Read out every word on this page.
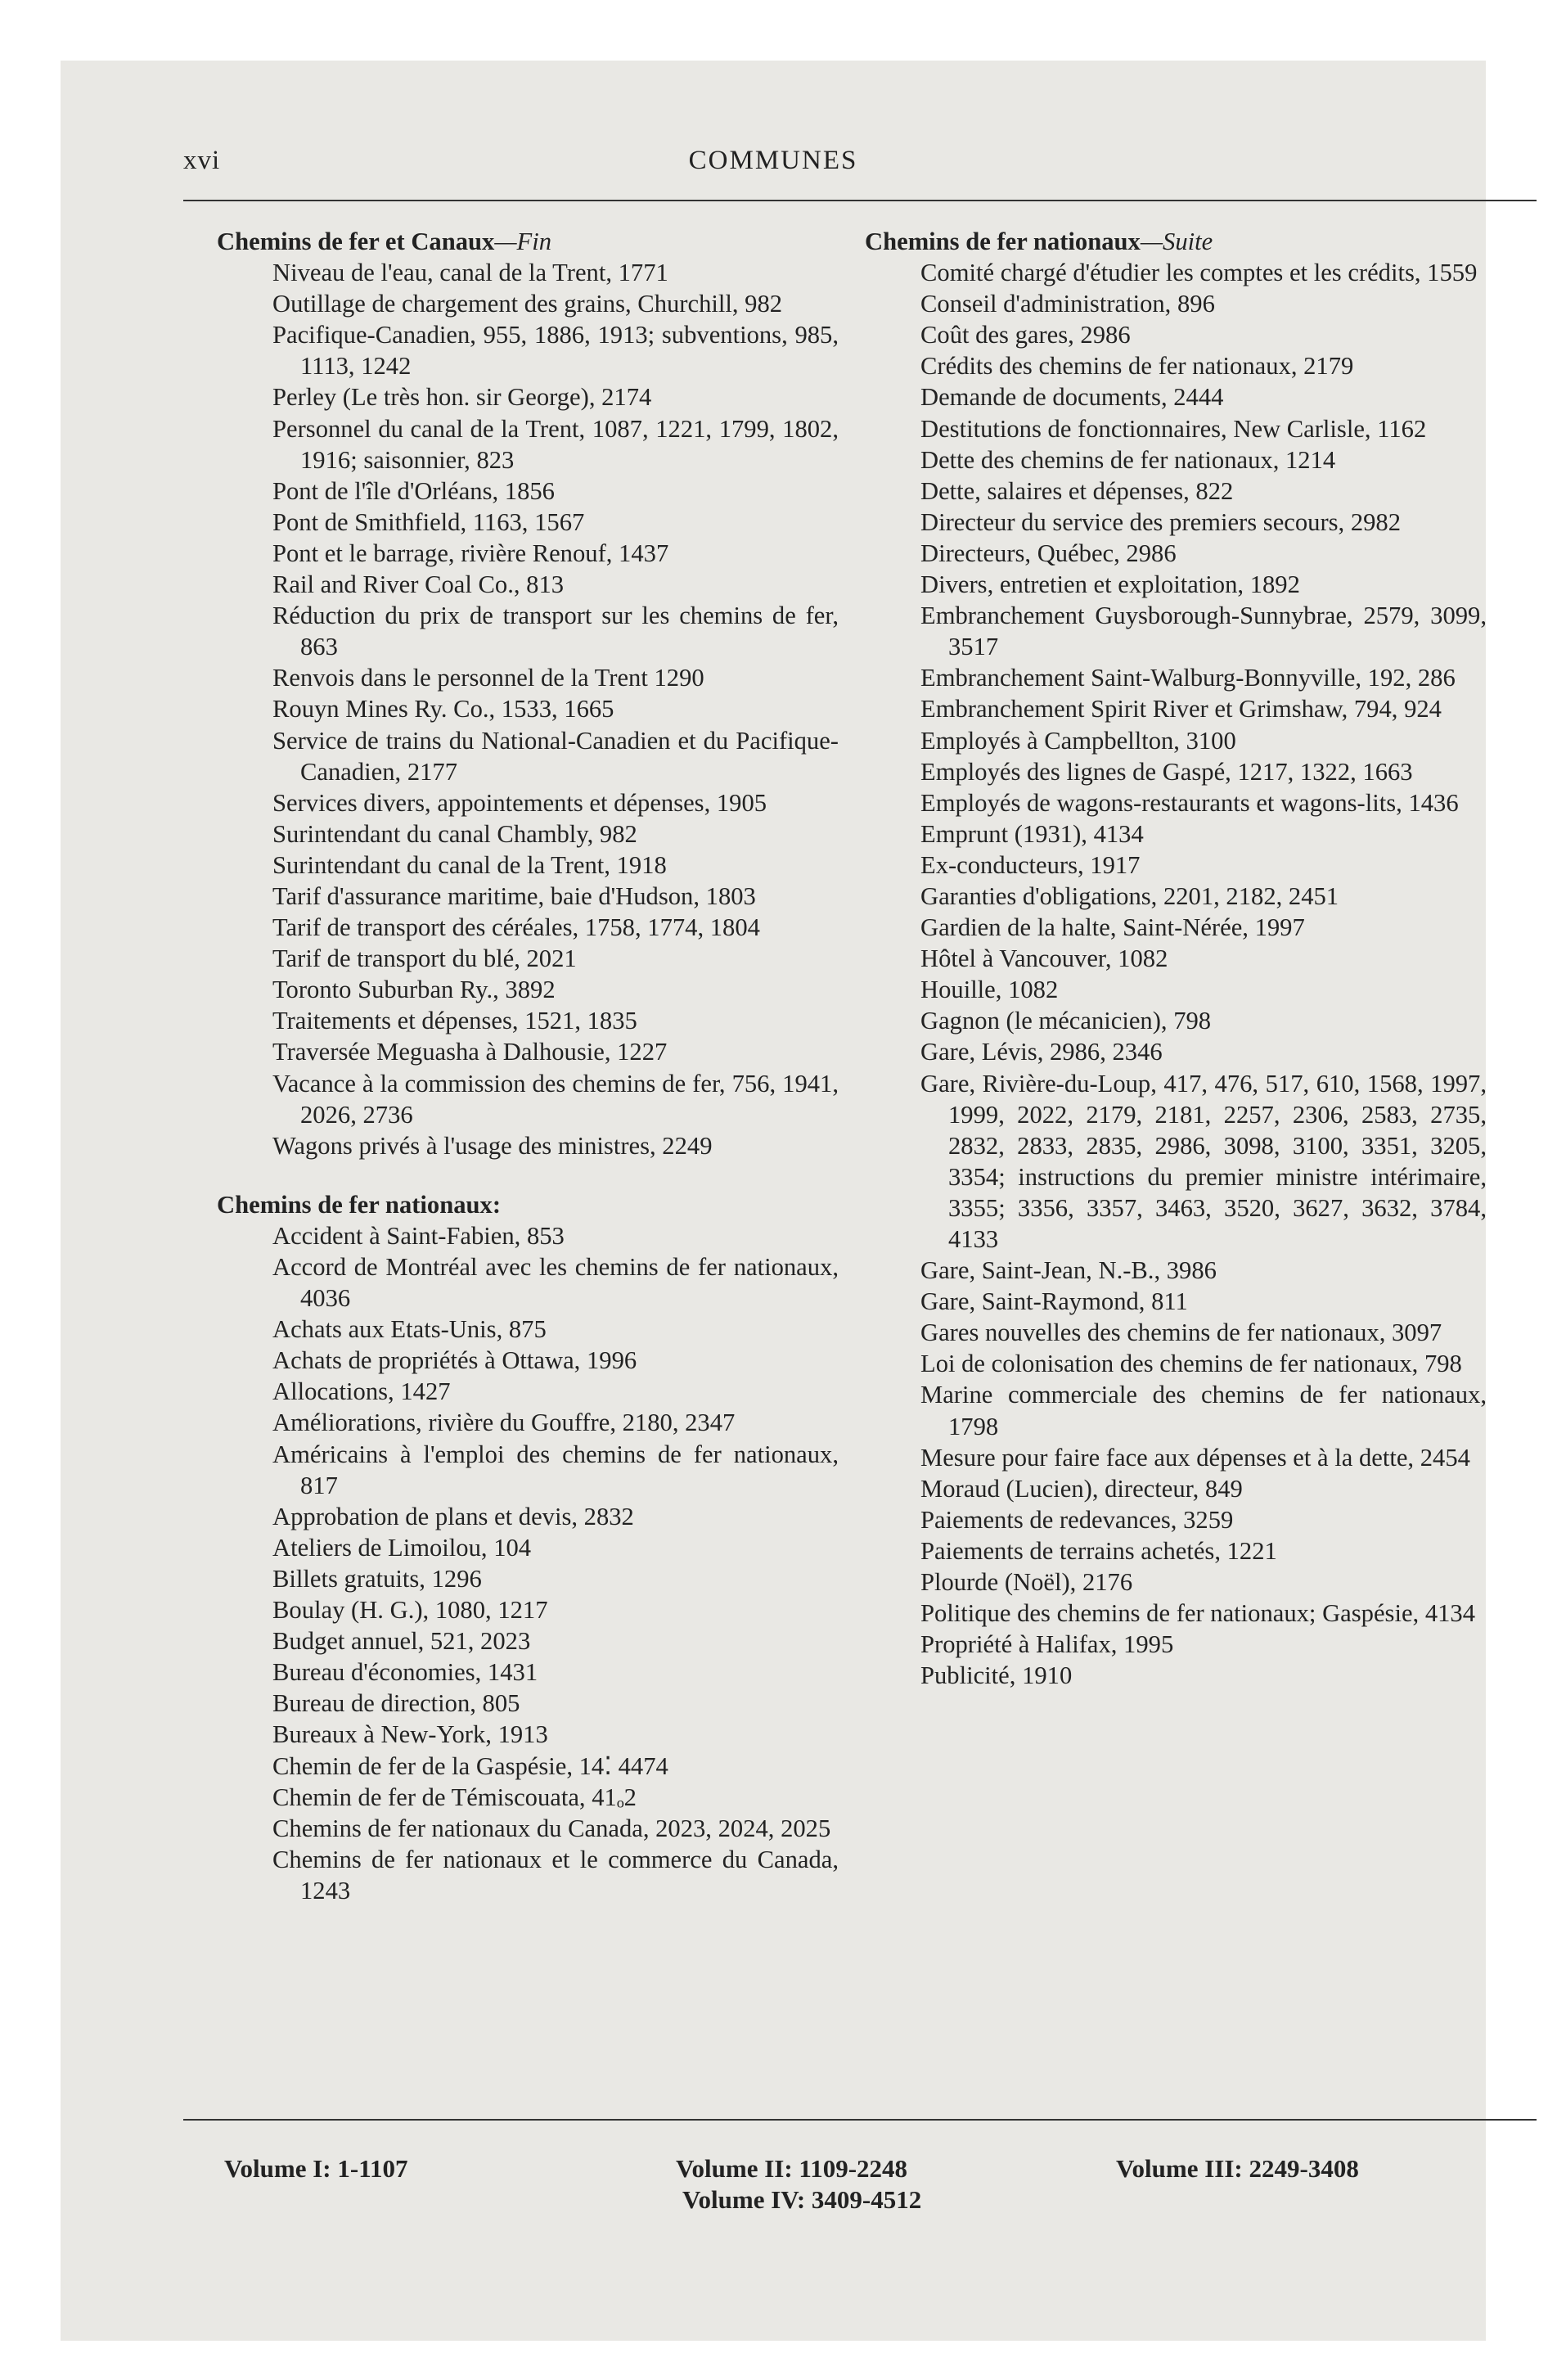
xvi	COMMUNES
Chemins de fer et Canaux—Fin
Niveau de l'eau, canal de la Trent, 1771
Outillage de chargement des grains, Churchill, 982
Pacifique-Canadien, 955, 1886, 1913; subventions, 985, 1113, 1242
Perley (Le très hon. sir George), 2174
Personnel du canal de la Trent, 1087, 1221, 1799, 1802, 1916; saisonnier, 823
Pont de l'île d'Orléans, 1856
Pont de Smithfield, 1163, 1567
Pont et le barrage, rivière Renouf, 1437
Rail and River Coal Co., 813
Réduction du prix de transport sur les chemins de fer, 863
Renvois dans le personnel de la Trent 1290
Rouyn Mines Ry. Co., 1533, 1665
Service de trains du National-Canadien et du Pacifique-Canadien, 2177
Services divers, appointements et dépenses, 1905
Surintendant du canal Chambly, 982
Surintendant du canal de la Trent, 1918
Tarif d'assurance maritime, baie d'Hudson, 1803
Tarif de transport des céréales, 1758, 1774, 1804
Tarif de transport du blé, 2021
Toronto Suburban Ry., 3892
Traitements et dépenses, 1521, 1835
Traversée Meguasha à Dalhousie, 1227
Vacance à la commission des chemins de fer, 756, 1941, 2026, 2736
Wagons privés à l'usage des ministres, 2249
Chemins de fer nationaux:
Accident à Saint-Fabien, 853
Accord de Montréal avec les chemins de fer nationaux, 4036
Achats aux Etats-Unis, 875
Achats de propriétés à Ottawa, 1996
Allocations, 1427
Améliorations, rivière du Gouffre, 2180, 2347
Américains à l'emploi des chemins de fer nationaux, 817
Approbation de plans et devis, 2832
Ateliers de Limoilou, 104
Billets gratuits, 1296
Boulay (H. G.), 1080, 1217
Budget annuel, 521, 2023
Bureau d'économies, 1431
Bureau de direction, 805
Bureaux à New-York, 1913
Chemin de fer de la Gaspésie, 14⁚ 4474
Chemin de fer de Témiscouata, 41ₒ2
Chemins de fer nationaux du Canada, 2023, 2024, 2025
Chemins de fer nationaux et le commerce du Canada, 1243
Chemins de fer nationaux—Suite
Comité chargé d'étudier les comptes et les crédits, 1559
Conseil d'administration, 896
Coût des gares, 2986
Crédits des chemins de fer nationaux, 2179
Demande de documents, 2444
Destitutions de fonctionnaires, New Carlisle, 1162
Dette des chemins de fer nationaux, 1214
Dette, salaires et dépenses, 822
Directeur du service des premiers secours, 2982
Directeurs, Québec, 2986
Divers, entretien et exploitation, 1892
Embranchement Guysborough-Sunnybrae, 2579, 3099, 3517
Embranchement Saint-Walburg-Bonnyville, 192, 286
Embranchement Spirit River et Grimshaw, 794, 924
Employés à Campbellton, 3100
Employés des lignes de Gaspé, 1217, 1322, 1663
Employés de wagons-restaurants et wagons-lits, 1436
Emprunt (1931), 4134
Ex-conducteurs, 1917
Garanties d'obligations, 2201, 2182, 2451
Gardien de la halte, Saint-Nérée, 1997
Hôtel à Vancouver, 1082
Houille, 1082
Gagnon (le mécanicien), 798
Gare, Lévis, 2986, 2346
Gare, Rivière-du-Loup, 417, 476, 517, 610, 1568, 1997, 1999, 2022, 2179, 2181, 2257, 2306, 2583, 2735, 2832, 2833, 2835, 2986, 3098, 3100, 3351, 3205, 3354; instructions du premier ministre intérimaire, 3355; 3356, 3357, 3463, 3520, 3627, 3632, 3784, 4133
Gare, Saint-Jean, N.-B., 3986
Gare, Saint-Raymond, 811
Gares nouvelles des chemins de fer nationaux, 3097
Loi de colonisation des chemins de fer nationaux, 798
Marine commerciale des chemins de fer nationaux, 1798
Mesure pour faire face aux dépenses et à la dette, 2454
Moraud (Lucien), directeur, 849
Paiements de redevances, 3259
Paiements de terrains achetés, 1221
Plourde (Noël), 2176
Politique des chemins de fer nationaux; Gaspésie, 4134
Propriété à Halifax, 1995
Publicité, 1910
Volume I: 1-1107	Volume II: 1109-2248	Volume III: 2249-3408
Volume IV: 3409-4512
